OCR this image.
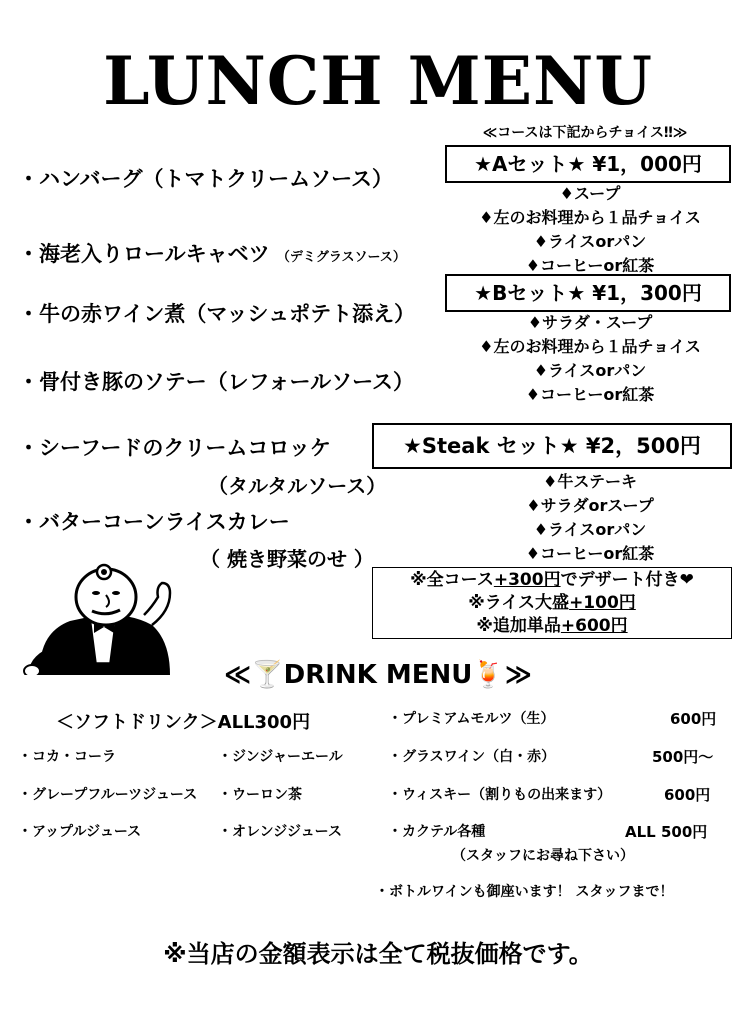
LUNCH MENU
≪コースは下記からチョイス‼≫
・ハンバーグ（トマトクリームソース）
・海老入りロールキャベツ （デミグラスソース）
・牛の赤ワイン煮（マッシュポテト添え）
・骨付き豚のソテー（レフォールソース）
・シーフードのクリームコロッケ
（タルタルソース）
・バターコーンライスカレー
（ 焼き野菜のせ ）
★Aセット★ ¥1，000円
♦スープ
♦左のお料理から１品チョイス
♦ライスorパン
♦コーヒーor紅茶
★Bセット★ ¥1，300円
♦サラダ・スープ
♦左のお料理から１品チョイス
♦ライスorパン
♦コーヒーor紅茶
★Steak セット★ ¥2，500円
♦牛ステーキ
♦サラダorスープ
♦ライスorパン
♦コーヒーor紅茶
※全コース+300円でデザート付き❤
※ライス大盛+100円
※追加単品+600円
≪🍸DRINK MENU🍹≫
＜ソフトドリンク＞ALL300円
・コカ・コーラ
・グレープフルーツジュース
・アップルジュース
・ジンジャーエール
・ウーロン茶
・オレンジジュース
・プレミアムモルツ（生）	600円
・グラスワイン（白・赤）	500円～
・ウィスキー（割りもの出来ます）	600円
・カクテル各種	ALL 500円
（スタッフにお尋ね下さい）
・ボトルワインも御座います！ スタッフまで！
※当店の金額表示は全て税抜価格です。
